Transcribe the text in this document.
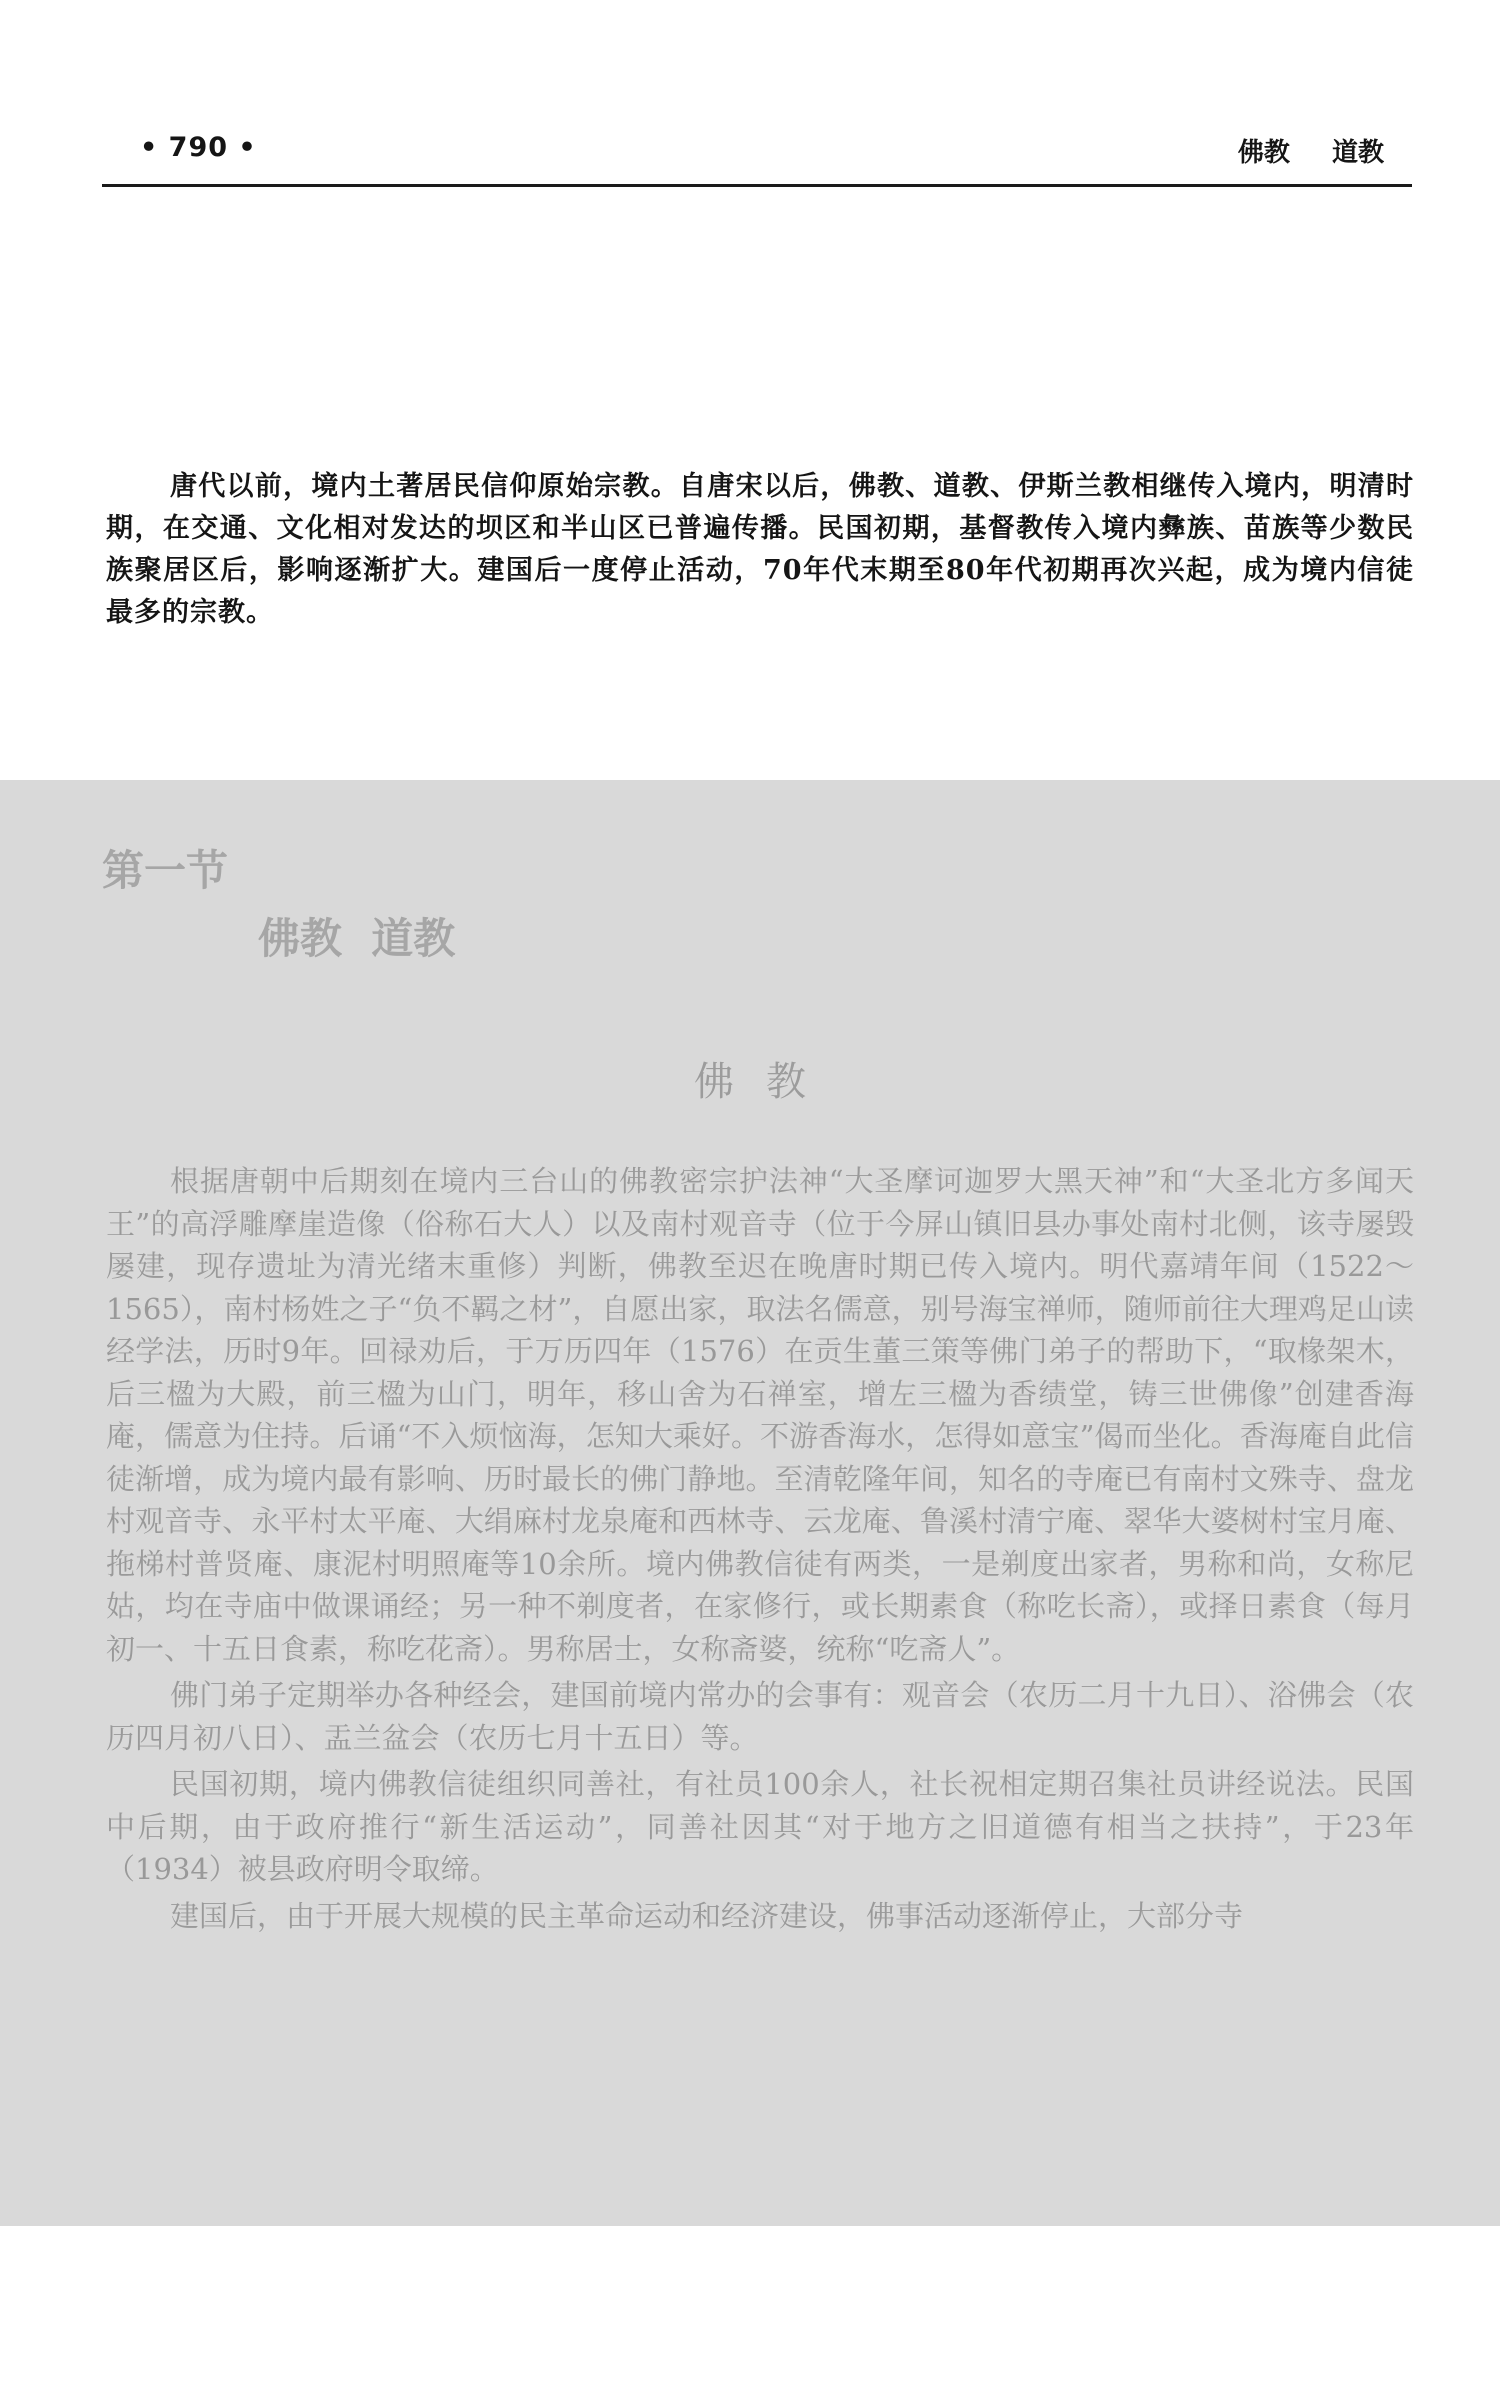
• 790 •	佛教  道教

唐代以前，境内土著居民信仰原始宗教。自唐宋以后，佛教、道教、伊斯兰教相继传入境内，明清时期，在交通、文化相对发达的坝区和半山区已普遍传播。民国初期，基督教传入境内彝族、苗族等少数民族聚居区后，影响逐渐扩大。建国后一度停止活动，70年代末期至80年代初期再次兴起，成为境内信徒最多的宗教。

第一节
佛教  道教
佛教

根据唐朝中后期刻在境内三台山的佛教密宗护法神“大圣摩诃迦罗大黑天神”和“大圣北方多闻天王”的高浮雕摩崖造像（俗称石大人）以及南村观音寺（位于今屏山镇旧县办事处南村北侧，该寺屡毁屡建，现存遗址为清光绪末重修）判断，佛教至迟在晚唐时期已传入境内。明代嘉靖年间（1522～1565），南村杨姓之子“负不羁之材”，自愿出家，取法名儒意，别号海宝禅师，随师前往大理鸡足山读经学法，历时9年。回禄劝后，于万历四年（1576）在贡生董三策等佛门弟子的帮助下，“取椽架木，后三楹为大殿，前三楹为山门，明年，移山舍为石禅室，增左三楹为香绩堂，铸三世佛像”创建香海庵，儒意为住持。后诵“不入烦恼海，怎知大乘好。不游香海水，怎得如意宝”偈而坐化。香海庵自此信徒渐增，成为境内最有影响、历时最长的佛门静地。至清乾隆年间，知名的寺庵已有南村文殊寺、盘龙村观音寺、永平村太平庵、大绢麻村龙泉庵和西林寺、云龙庵、鲁溪村清宁庵、翠华大婆树村宝月庵、拖梯村普贤庵、康泥村明照庵等10余所。境内佛教信徒有两类，一是剃度出家者，男称和尚，女称尼姑，均在寺庙中做课诵经；另一种不剃度者，在家修行，或长期素食（称吃长斋），或择日素食（每月初一、十五日食素，称吃花斋）。男称居士，女称斋婆，统称“吃斋人”。

佛门弟子定期举办各种经会，建国前境内常办的会事有：观音会（农历二月十九日）、浴佛会（农历四月初八日）、盂兰盆会（农历七月十五日）等。

民国初期，境内佛教信徒组织同善社，有社员100余人，社长祝相定期召集社员讲经说法。民国中后期，由于政府推行“新生活运动”，同善社因其“对于地方之旧道德有相当之扶持”，于23年（1934）被县政府明令取缔。

建国后，由于开展大规模的民主革命运动和经济建设，佛事活动逐渐停止，大部分寺
